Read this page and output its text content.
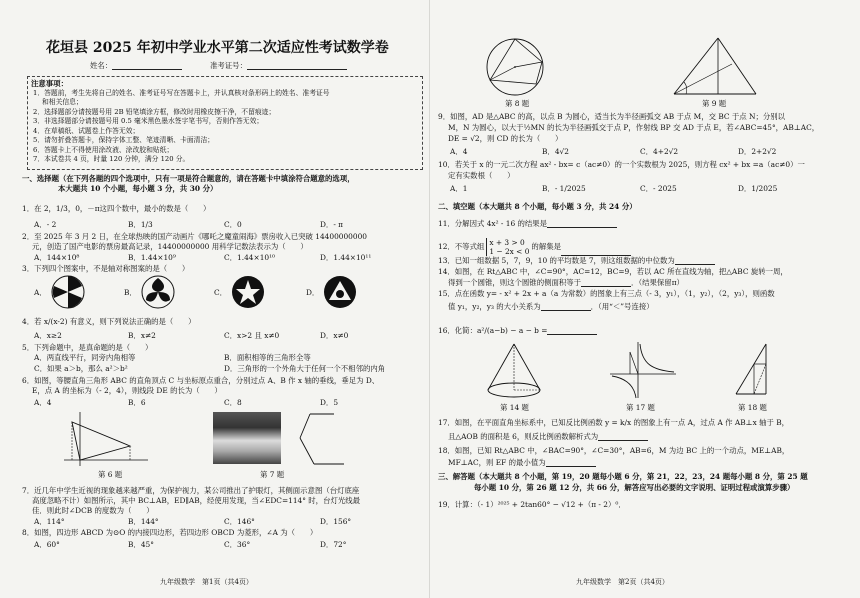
花垣县 2025 年初中学业水平第二次适应性考试数学卷
姓名：	准考证号：
注意事项：
1．答题前，考生先将自己的姓名、准考证号写在答题卡上，并认真核对条形码上的姓名、准考证号
和相关信息；
2．选择题部分请按题号用 2B 铅笔填涂方框，修改时用橡皮擦干净，不留痕迹；
3．非选择题部分请按题号用 0.5 毫米黑色墨水签字笔书写，否则作答无效；
4．在草稿纸、试题卷上作答无效；
5．请勿折叠答题卡，保持字体工整、笔迹清晰、卡面清洁；
6．答题卡上不得使用涂改液、涂改胶和贴纸；
7．本试卷共 4 页，时量 120 分钟，满分 120 分。
一、选择题（在下列各题的四个选项中，只有一项是符合题意的，请在答题卡中填涂符合题意的选项，
本大题共 10 个小题，每小题 3 分，共 30 分）
1．在 2，1/3，0，－π这四个数中，最小的数是（　　）
A．- 2	B．1/3	C．0	D．- π
2．至 2025 年 3 月 2 日，在全球热映的国产动画片《哪吒之魔童闹海》票房收入已突破 14400000000
元，创造了国产电影的票房最高记录，14400000000 用科学记数法表示为（　　）
A．144×10⁸	B．1.44×10⁹	C．1.44×10¹⁰	D．1.44×10¹¹
3．下列四个图案中，不是轴对称图案的是（　　）
A．	B．	C．	D．
4．若 x/(x-2) 有意义，则下列说法正确的是（　　）
A．x≥2	B．x≠2	C．x>2 且 x≠0	D．x≠0
5．下列命题中，是真命题的是（　　）
A．两直线平行，同旁内角相等	B．面积相等的三角形全等
C．如果 a＞b，那么 a²＞b²	D．三角形的一个外角大于任何一个不相邻的内角
6．如图，等腰直角三角形 ABC 的直角顶点 C 与坐标原点重合，分别过点 A、B 作 x 轴的垂线，垂足为 D、
E，点 A 的坐标为（- 2，4），则线段 DE 的长为（　　）
A．4	B．6	C．8	D．5
第 6 题	第 7 题
7．近几年中学生近视的现象越来越严重，为保护视力，某公司推出了护眼灯，其侧面示意图（台灯底座
高度忽略不计）如图所示，其中 BC⊥AB，ED∥AB，经使用发现，当∠EDC=114° 时，台灯光线最
佳．则此时∠DCB 的度数为（　　）
A．114°	B．144°	C．146°	D．156°
8．如图，四边形 ABCD 为⊙O 的内接四边形，若四边形 OBCD 为菱形，∠A 为（　　）
A．60°	B．45°	C．36°	D．72°
九年级数学　第1页（共4页）
第 8 题	第 9 题
9．如图，AD 是△ABC 的高，以点 B 为圆心，适当长为半径画弧交 AB 于点 M，交 BC 于点 N；分别以
M，N 为圆心，以大于½MN 的长为半径画弧交于点 P，作射线 BP 交 AD 于点 E，若∠ABC=45°，AB⊥AC，
DE = √2，则 CD 的长为（　　）
A．4	B．4√2	C．4+2√2	D．2+2√2
10．若关于 x 的一元二次方程 ax² - bx= c（ac≠0）的一个实数根为 2025，则方程 cx² + bx =a（ac≠0）一
定有实数根（　　）
A．1	B．- 1/2025	C．- 2025	D．1/2025
二、填空题（本大题共 8 个小题，每小题 3 分，共 24 分）
11．分解因式 4x² - 16 的结果是
12．不等式组 x + 3 > 0
1 − 2x < 0的解集是
13．已知一组数据 5，7，9，10 的平均数是 7，则这组数据的中位数为
14．如图，在 Rt△ABC 中，∠C=90°，AC=12，BC=9，若以 AC 所在直线为轴，把△ABC 旋转一周，
得到一个圆锥，则这个圆锥的侧面积等于	．（结果保留π）
15．点在函数 y= - x² + 2x + a（a 为常数）的图象上有三点（- 3，y₁），（1，y₂），（2，y₃），则函数
值 y₁，y₂，y₃ 的大小关系为	．（用“＜”号连接）
16．化简：a²/(a−b) − a − b =
第 14 题	第 17 题	第 18 题
17．如图，在平面直角坐标系中，已知反比例函数 y = k/x 的图象上有一点 A，过点 A 作 AB⊥x 轴于 B，
且△AOB 的面积是 6，则反比例函数解析式为
18．如图，已知 Rt△ABC 中，∠BAC=90°，∠C=30°，AB=6，M 为边 BC 上的一个动点，ME⊥AB，
MF⊥AC，则 EF 的最小值为
三、解答题（本大题共 8 个小题，第 19，20 题每小题 6 分，第 21，22，23，24 题每小题 8 分，第 25 题
每小题 10 分，第 26 题 12 分，共 66 分，解答应写出必要的文字说明、证明过程或演算步骤）
19．计算：（- 1）²⁰²⁵ + 2tan60° − √12 +（π - 2）⁰．
九年级数学　第2页（共4页）
